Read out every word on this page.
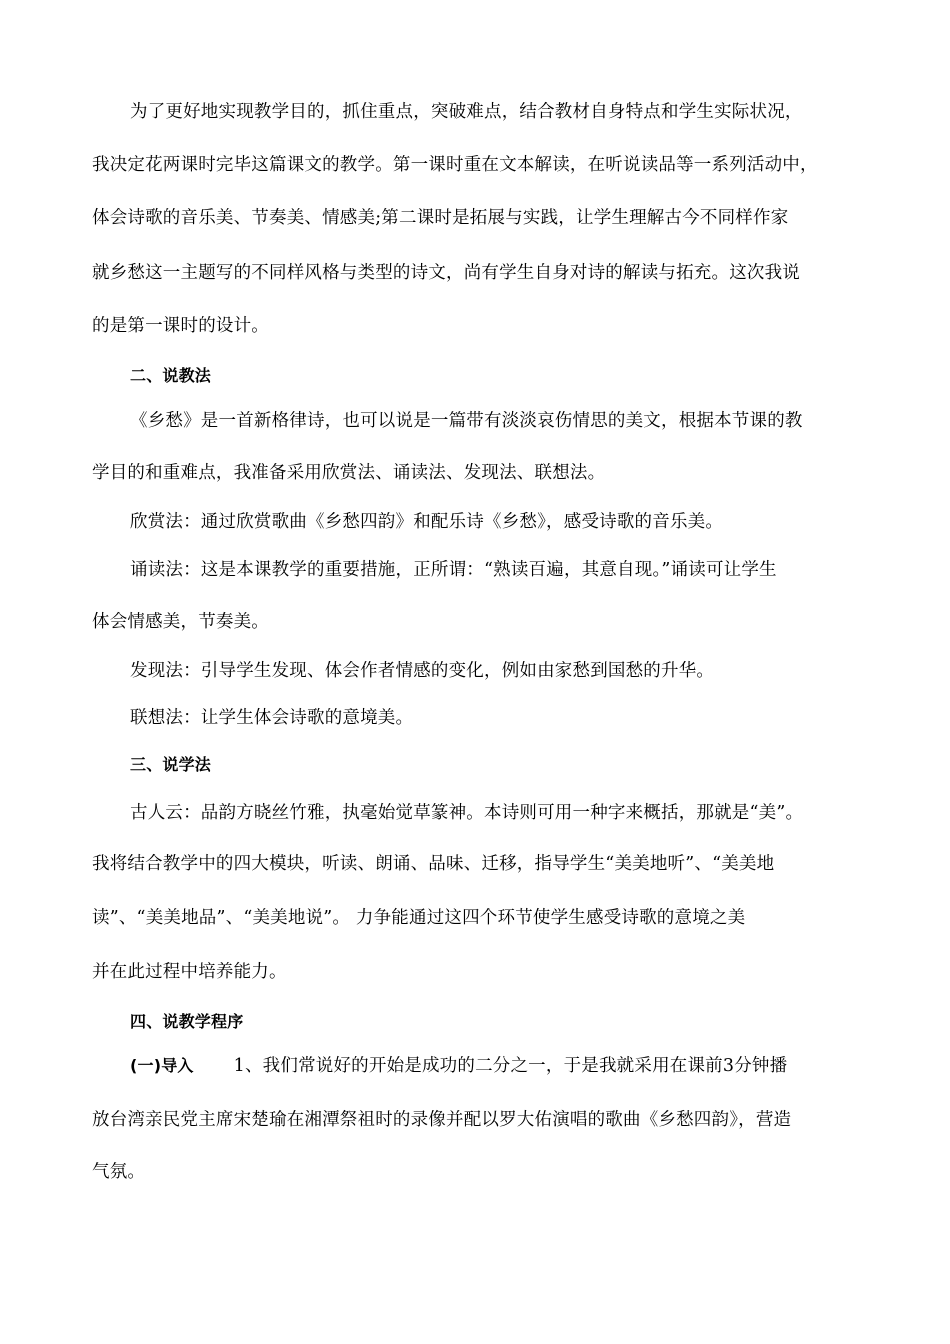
为了更好地实现教学目的，抓住重点，突破难点，结合教材自身特点和学生实际状况，
我决定花两课时完毕这篇课文的教学。第一课时重在文本解读，在听说读品等一系列活动中，
体会诗歌的音乐美、节奏美、情感美;第二课时是拓展与实践，让学生理解古今不同样作家
就乡愁这一主题写的不同样风格与类型的诗文，尚有学生自身对诗的解读与拓充。这次我说
的是第一课时的设计。
二、说教法
《乡愁》是一首新格律诗，也可以说是一篇带有淡淡哀伤情思的美文，根据本节课的教
学目的和重难点，我准备采用欣赏法、诵读法、发现法、联想法。
欣赏法：通过欣赏歌曲《乡愁四韵》和配乐诗《乡愁》，感受诗歌的音乐美。
诵读法：这是本课教学的重要措施，正所谓：“熟读百遍，其意自现。”诵读可让学生
体会情感美，节奏美。
发现法：引导学生发现、体会作者情感的变化，例如由家愁到国愁的升华。
联想法：让学生体会诗歌的意境美。
三、说学法
古人云：品韵方晓丝竹雅，执毫始觉草篆神。本诗则可用一种字来概括，那就是“美”。
我将结合教学中的四大模块，听读、朗诵、品味、迁移，指导学生“美美地听”、“美美地
读”、“美美地品”、“美美地说”。 力争能通过这四个环节使学生感受诗歌的意境之美
并在此过程中培养能力。
四、说教学程序
(一)导入 1、我们常说好的开始是成功的二分之一，于是我就采用在课前3分钟播
放台湾亲民党主席宋楚瑜在湘潭祭祖时的录像并配以罗大佑演唱的歌曲《乡愁四韵》，营造
气氛。
